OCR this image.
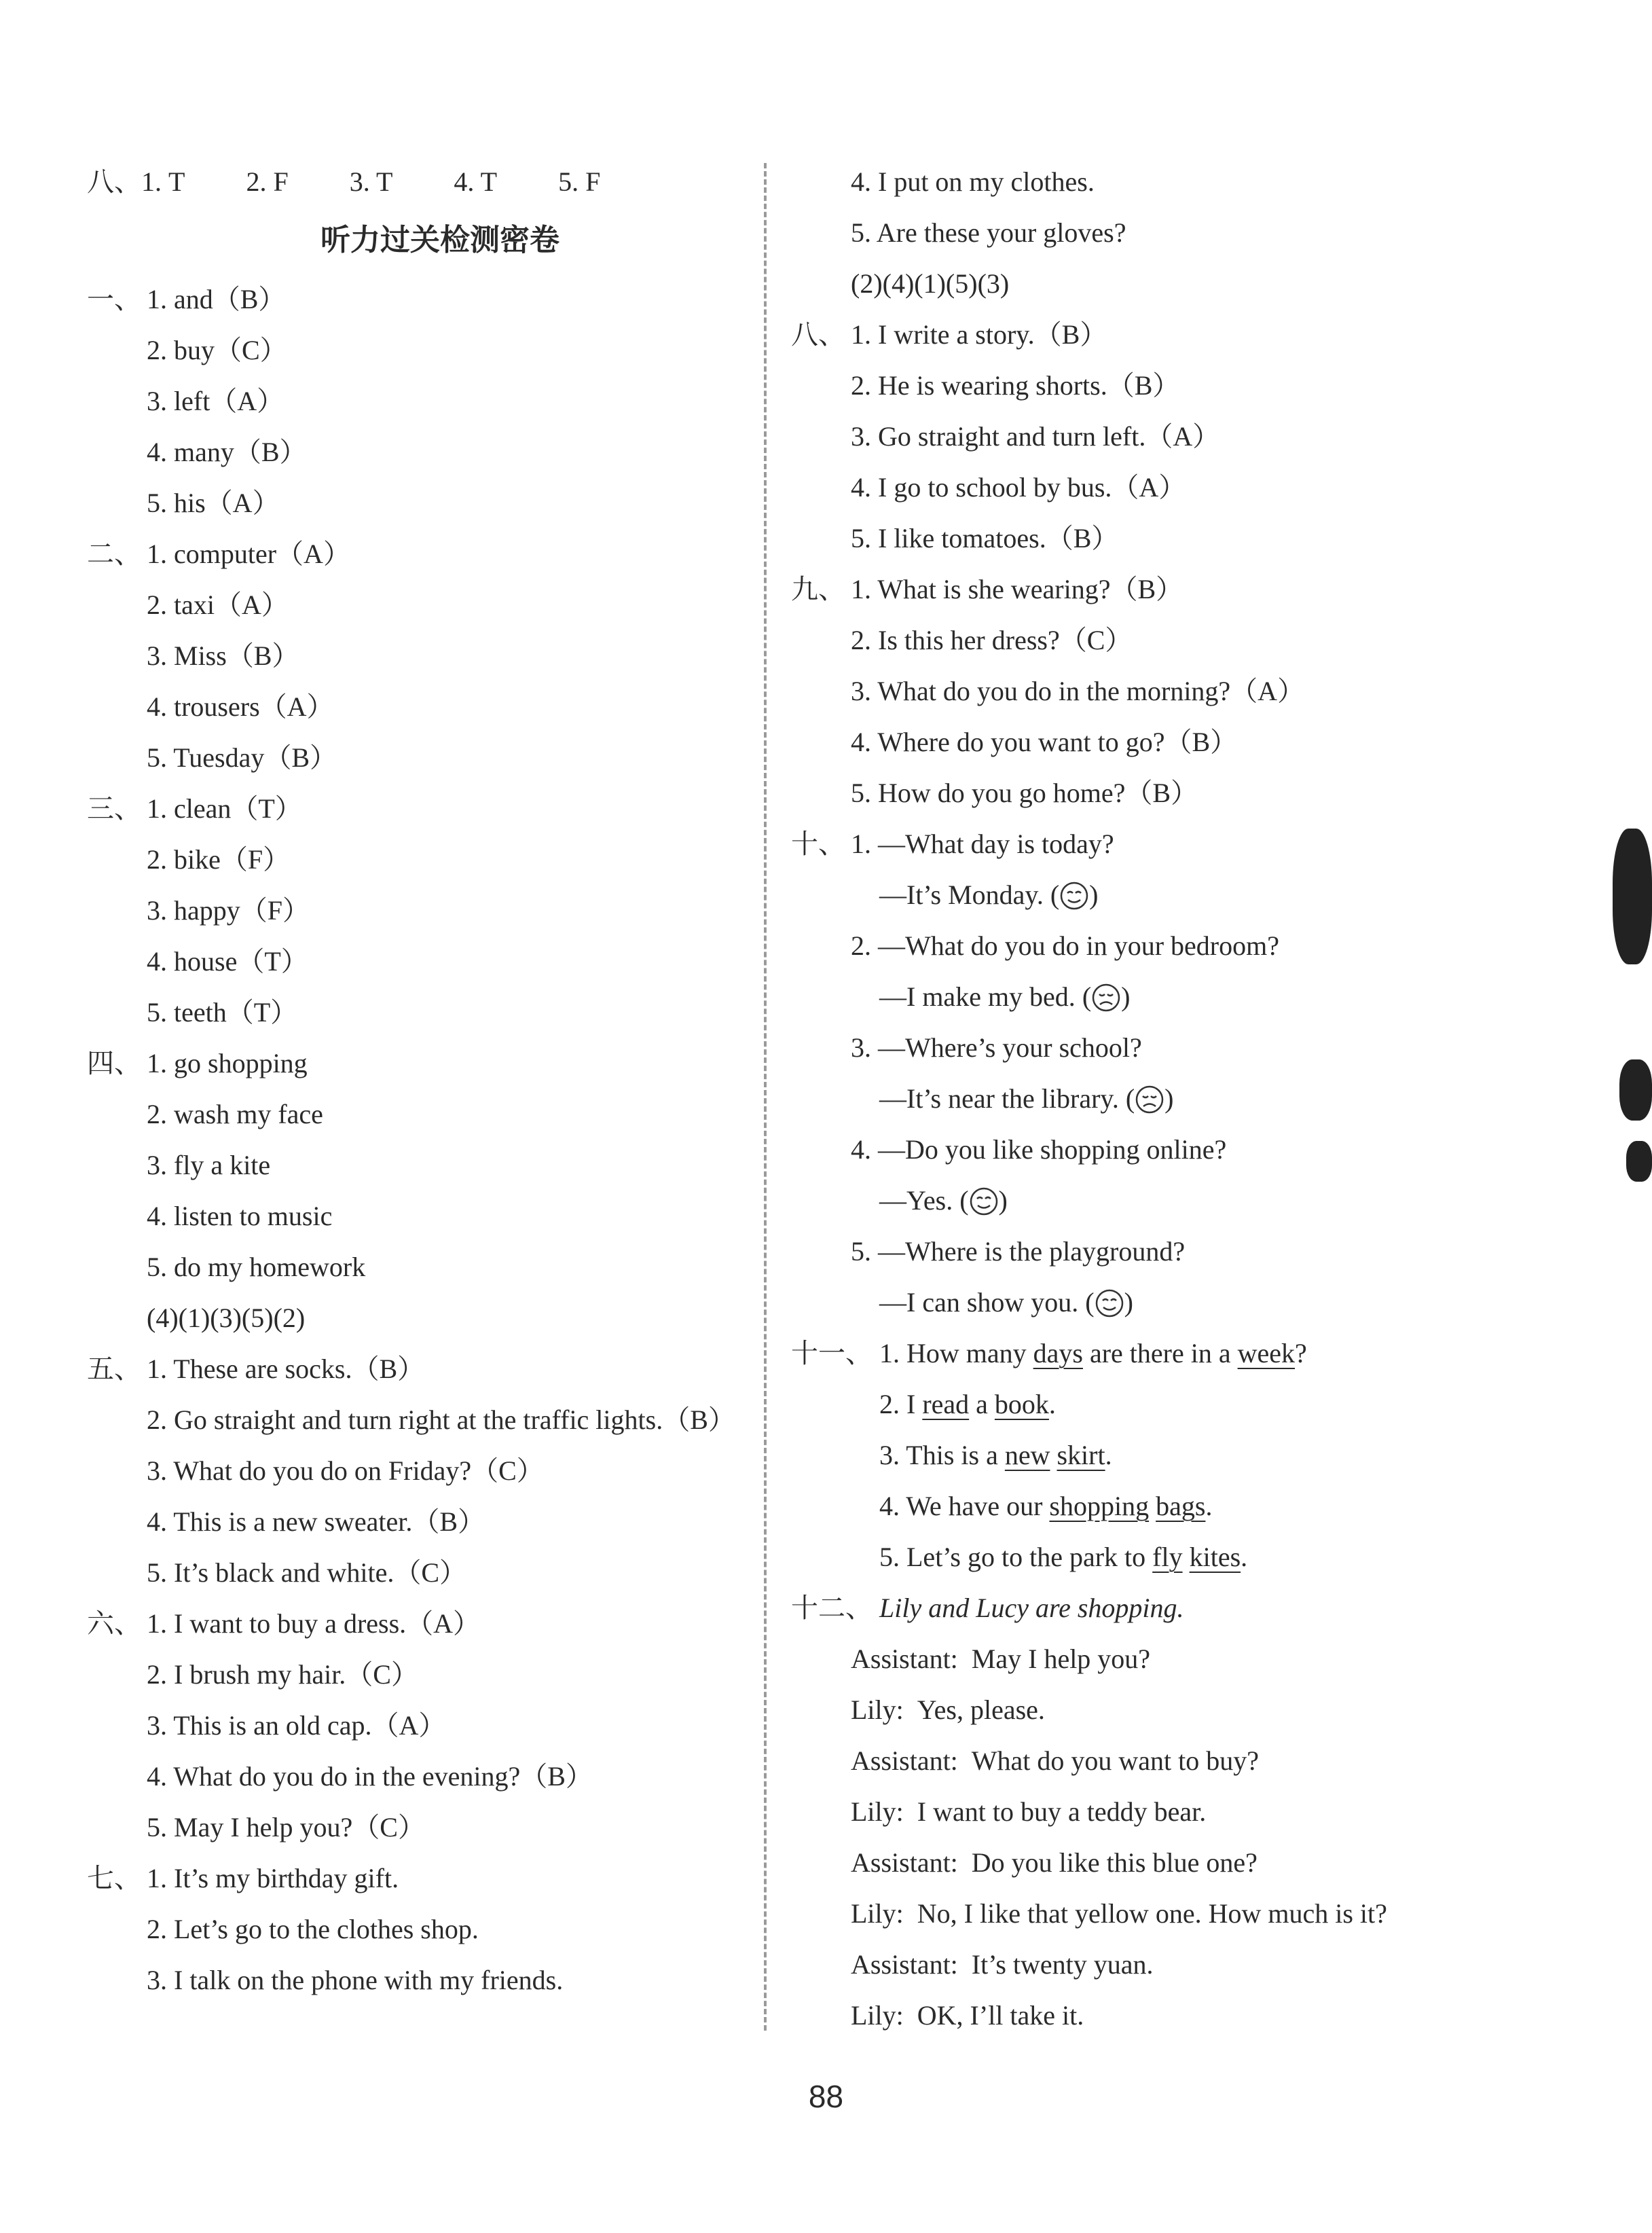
八、1. T 2. F 3. T 4. T 5. F
听力过关检测密卷
一、 1. and（B）
2. buy（C）
3. left（A）
4. many（B）
5. his（A）
二、 1. computer（A）
2. taxi（A）
3. Miss（B）
4. trousers（A）
5. Tuesday（B）
三、 1. clean（T）
2. bike（F）
3. happy（F）
4. house（T）
5. teeth（T）
四、 1. go shopping
2. wash my face
3. fly a kite
4. listen to music
5. do my homework
(4)(1)(3)(5)(2)
五、 1. These are socks.（B）
2. Go straight and turn right at the traffic lights.（B）
3. What do you do on Friday?（C）
4. This is a new sweater.（B）
5. It’s black and white.（C）
六、 1. I want to buy a dress.（A）
2. I brush my hair.（C）
3. This is an old cap.（A）
4. What do you do in the evening?（B）
5. May I help you?（C）
七、 1. It’s my birthday gift.
2. Let’s go to the clothes shop.
3. I talk on the phone with my friends.
4. I put on my clothes.
5. Are these your gloves?
(2)(4)(1)(5)(3)
八、 1. I write a story.（B）
2. He is wearing shorts.（B）
3. Go straight and turn left.（A）
4. I go to school by bus.（A）
5. I like tomatoes.（B）
九、 1. What is she wearing?（B）
2. Is this her dress?（C）
3. What do you do in the morning?（A）
4. Where do you want to go?（B）
5. How do you go home?（B）
十、 1. —What day is today?
—It’s Monday. ( )
2. —What do you do in your bedroom?
—I make my bed. ( )
3. —Where’s your school?
—It’s near the library. ( )
4. —Do you like shopping online?
—Yes. ( )
5. —Where is the playground?
—I can show you. ( )
十一、 1. How many days are there in a week?
2. I read a book.
3. This is a new skirt.
4. We have our shopping bags.
5. Let’s go to the park to fly kites.
十二、 Lily and Lucy are shopping.
Assistant: May I help you?
Lily: Yes, please.
Assistant: What do you want to buy?
Lily: I want to buy a teddy bear.
Assistant: Do you like this blue one?
Lily: No, I like that yellow one. How much is it?
Assistant: It’s twenty yuan.
Lily: OK, I’ll take it.
88
